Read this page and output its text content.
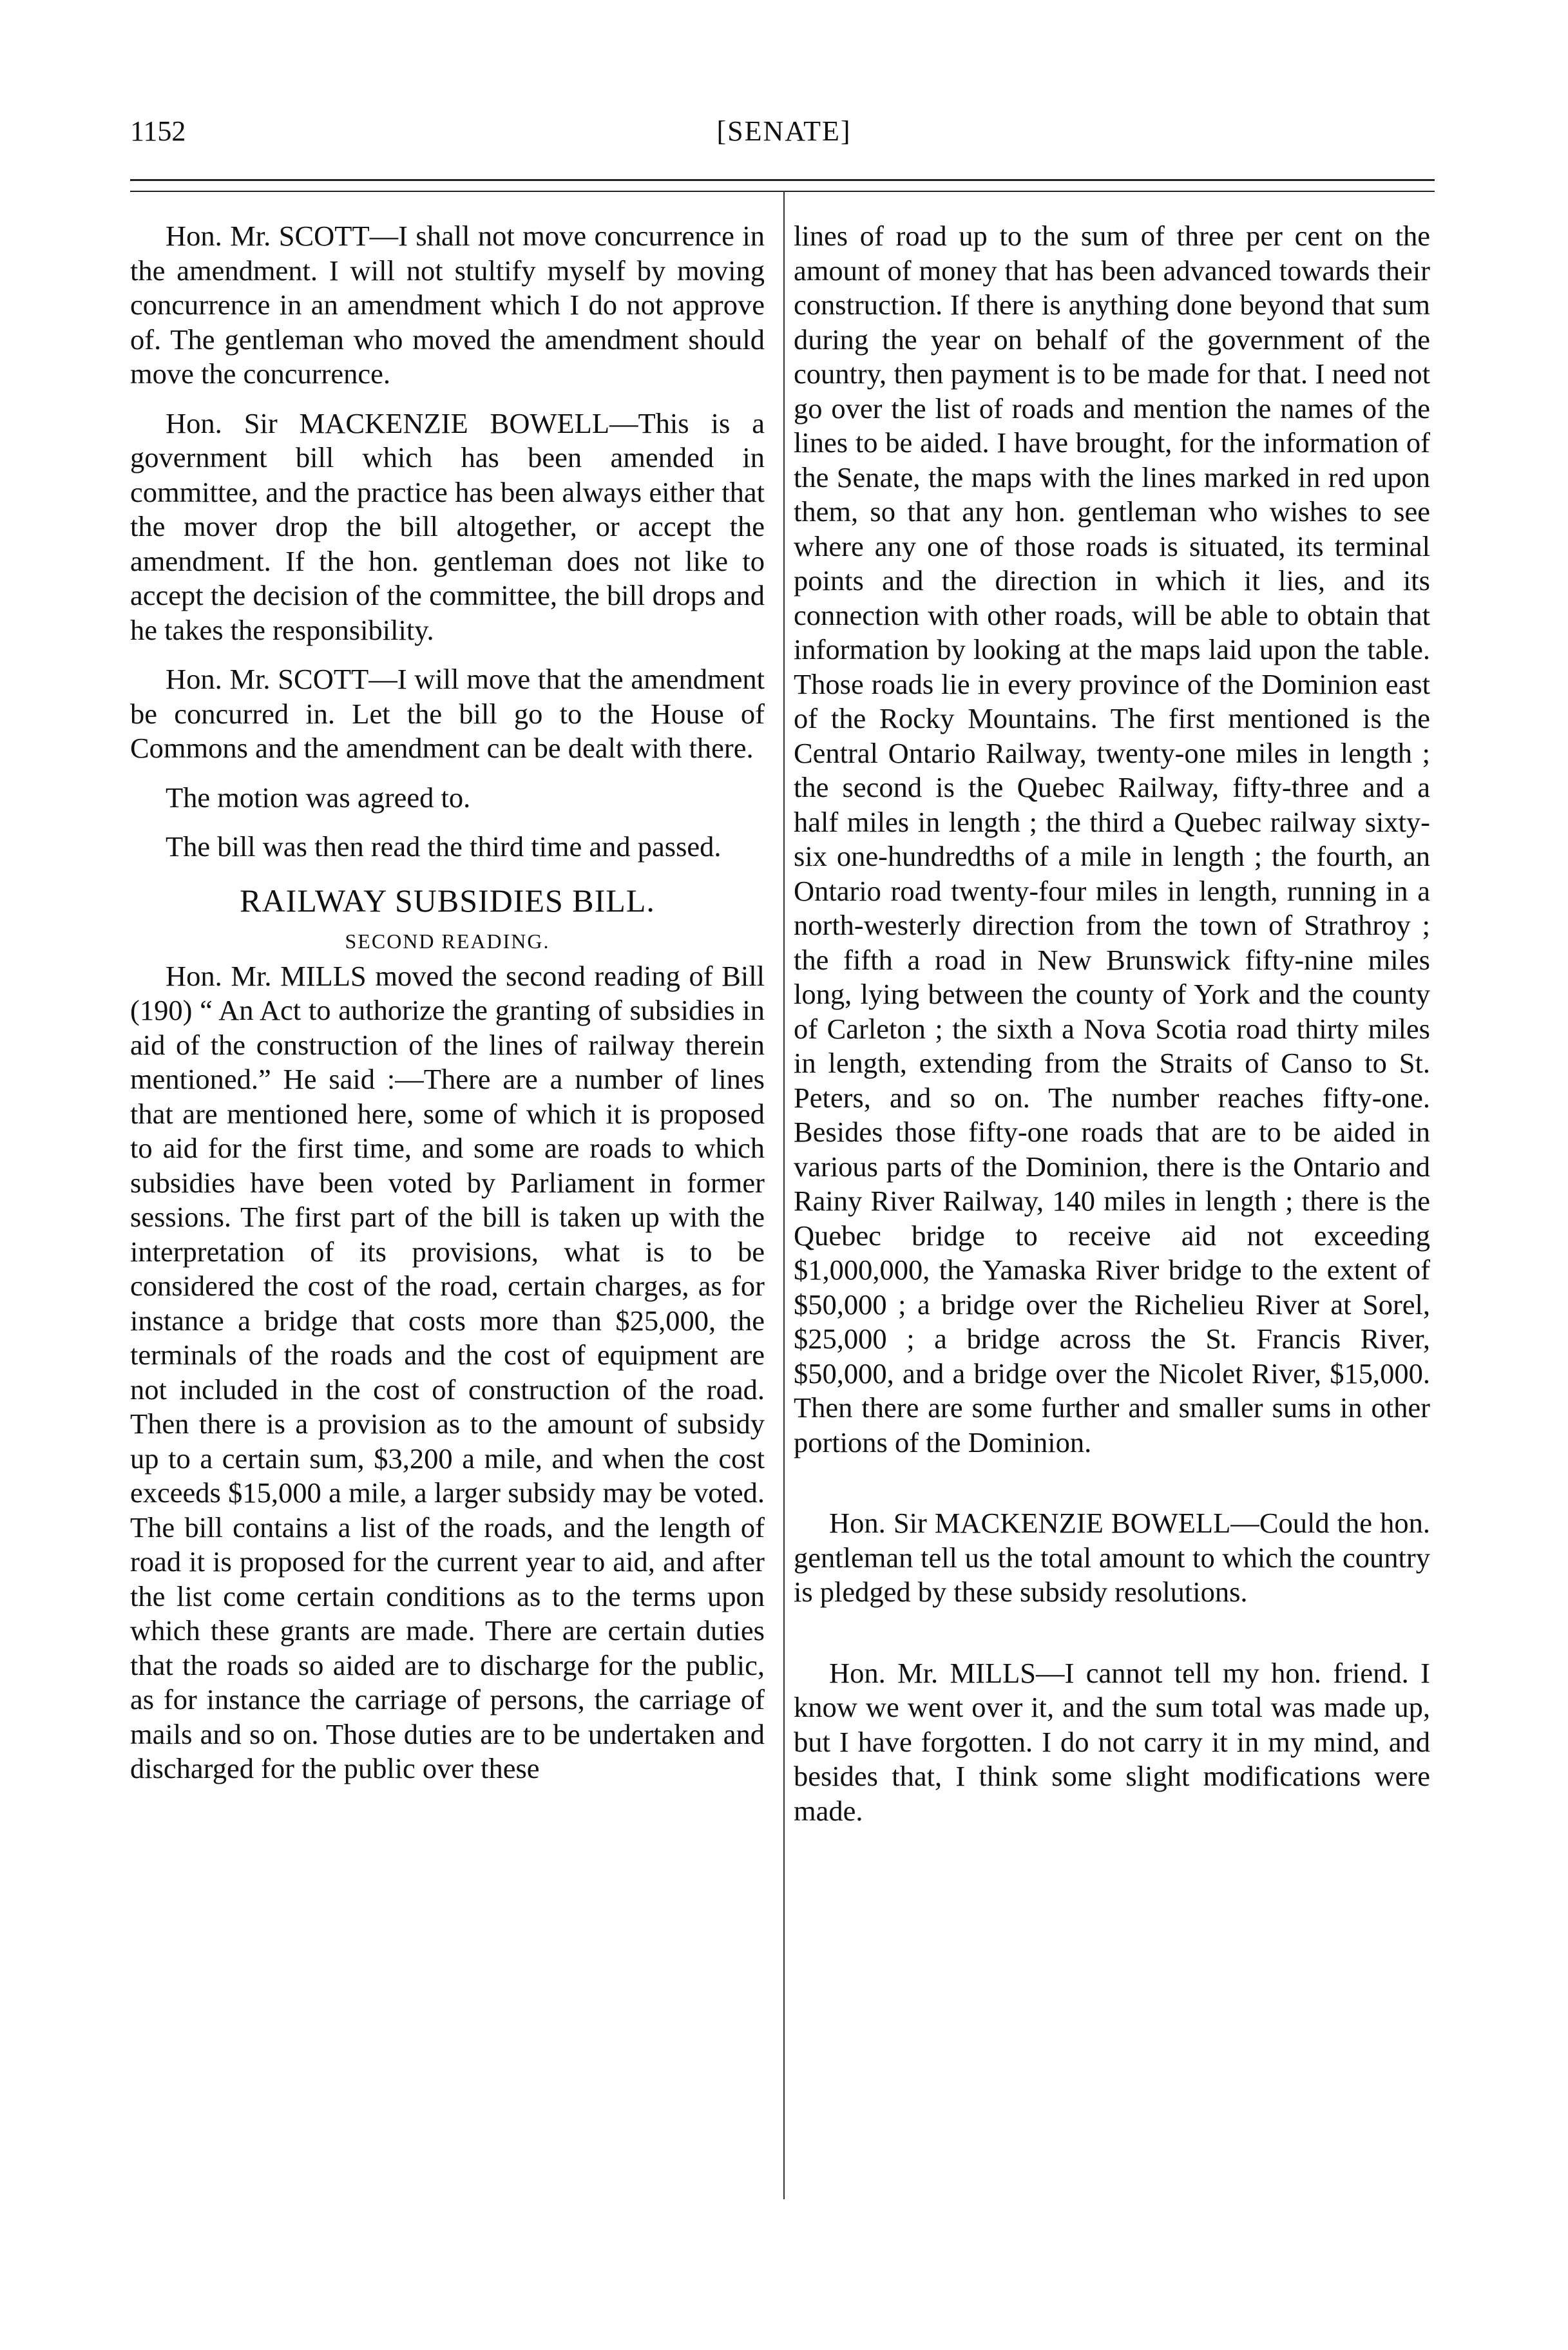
1152	[SENATE]

Hon. Mr. SCOTT—I shall not move concurrence in the amendment. I will not stultify myself by moving concurrence in an amendment which I do not approve of. The gentleman who moved the amendment should move the concurrence.

Hon. Sir MACKENZIE BOWELL—This is a government bill which has been amended in committee, and the practice has been always either that the mover drop the bill altogether, or accept the amendment. If the hon. gentleman does not like to accept the decision of the committee, the bill drops and he takes the responsibility.

Hon. Mr. SCOTT—I will move that the amendment be concurred in. Let the bill go to the House of Commons and the amendment can be dealt with there.

The motion was agreed to.

The bill was then read the third time and passed.

RAILWAY SUBSIDIES BILL.

SECOND READING.

Hon. Mr. MILLS moved the second reading of Bill (190) “ An Act to authorize the granting of subsidies in aid of the construction of the lines of railway therein mentioned.” He said :—There are a number of lines that are mentioned here, some of which it is proposed to aid for the first time, and some are roads to which subsidies have been voted by Parliament in former sessions. The first part of the bill is taken up with the interpretation of its provisions, what is to be considered the cost of the road, certain charges, as for instance a bridge that costs more than $25,000, the terminals of the roads and the cost of equipment are not included in the cost of construction of the road. Then there is a provision as to the amount of subsidy up to a certain sum, $3,200 a mile, and when the cost exceeds $15,000 a mile, a larger subsidy may be voted. The bill contains a list of the roads, and the length of road it is proposed for the current year to aid, and after the list come certain conditions as to the terms upon which these grants are made. There are certain duties that the roads so aided are to discharge for the public, as for instance the carriage of persons, the carriage of mails and so on. Those duties are to be undertaken and discharged for the public over these

lines of road up to the sum of three per cent on the amount of money that has been advanced towards their construction. If there is anything done beyond that sum during the year on behalf of the government of the country, then payment is to be made for that. I need not go over the list of roads and mention the names of the lines to be aided. I have brought, for the information of the Senate, the maps with the lines marked in red upon them, so that any hon. gentleman who wishes to see where any one of those roads is situated, its terminal points and the direction in which it lies, and its connection with other roads, will be able to obtain that information by looking at the maps laid upon the table. Those roads lie in every province of the Dominion east of the Rocky Mountains. The first mentioned is the Central Ontario Railway, twenty-one miles in length ; the second is the Quebec Railway, fifty-three and a half miles in length ; the third a Quebec railway sixty-six one-hundredths of a mile in length ; the fourth, an Ontario road twenty-four miles in length, running in a north-westerly direction from the town of Strathroy ; the fifth a road in New Brunswick fifty-nine miles long, lying between the county of York and the county of Carleton ; the sixth a Nova Scotia road thirty miles in length, extending from the Straits of Canso to St. Peters, and so on. The number reaches fifty-one. Besides those fifty-one roads that are to be aided in various parts of the Dominion, there is the Ontario and Rainy River Railway, 140 miles in length ; there is the Quebec bridge to receive aid not exceeding $1,000,000, the Yamaska River bridge to the extent of $50,000 ; a bridge over the Richelieu River at Sorel, $25,000 ; a bridge across the St. Francis River, $50,000, and a bridge over the Nicolet River, $15,000. Then there are some further and smaller sums in other portions of the Dominion.

Hon. Sir MACKENZIE BOWELL—Could the hon. gentleman tell us the total amount to which the country is pledged by these subsidy resolutions.

Hon. Mr. MILLS—I cannot tell my hon. friend. I know we went over it, and the sum total was made up, but I have forgotten. I do not carry it in my mind, and besides that, I think some slight modifications were made.
